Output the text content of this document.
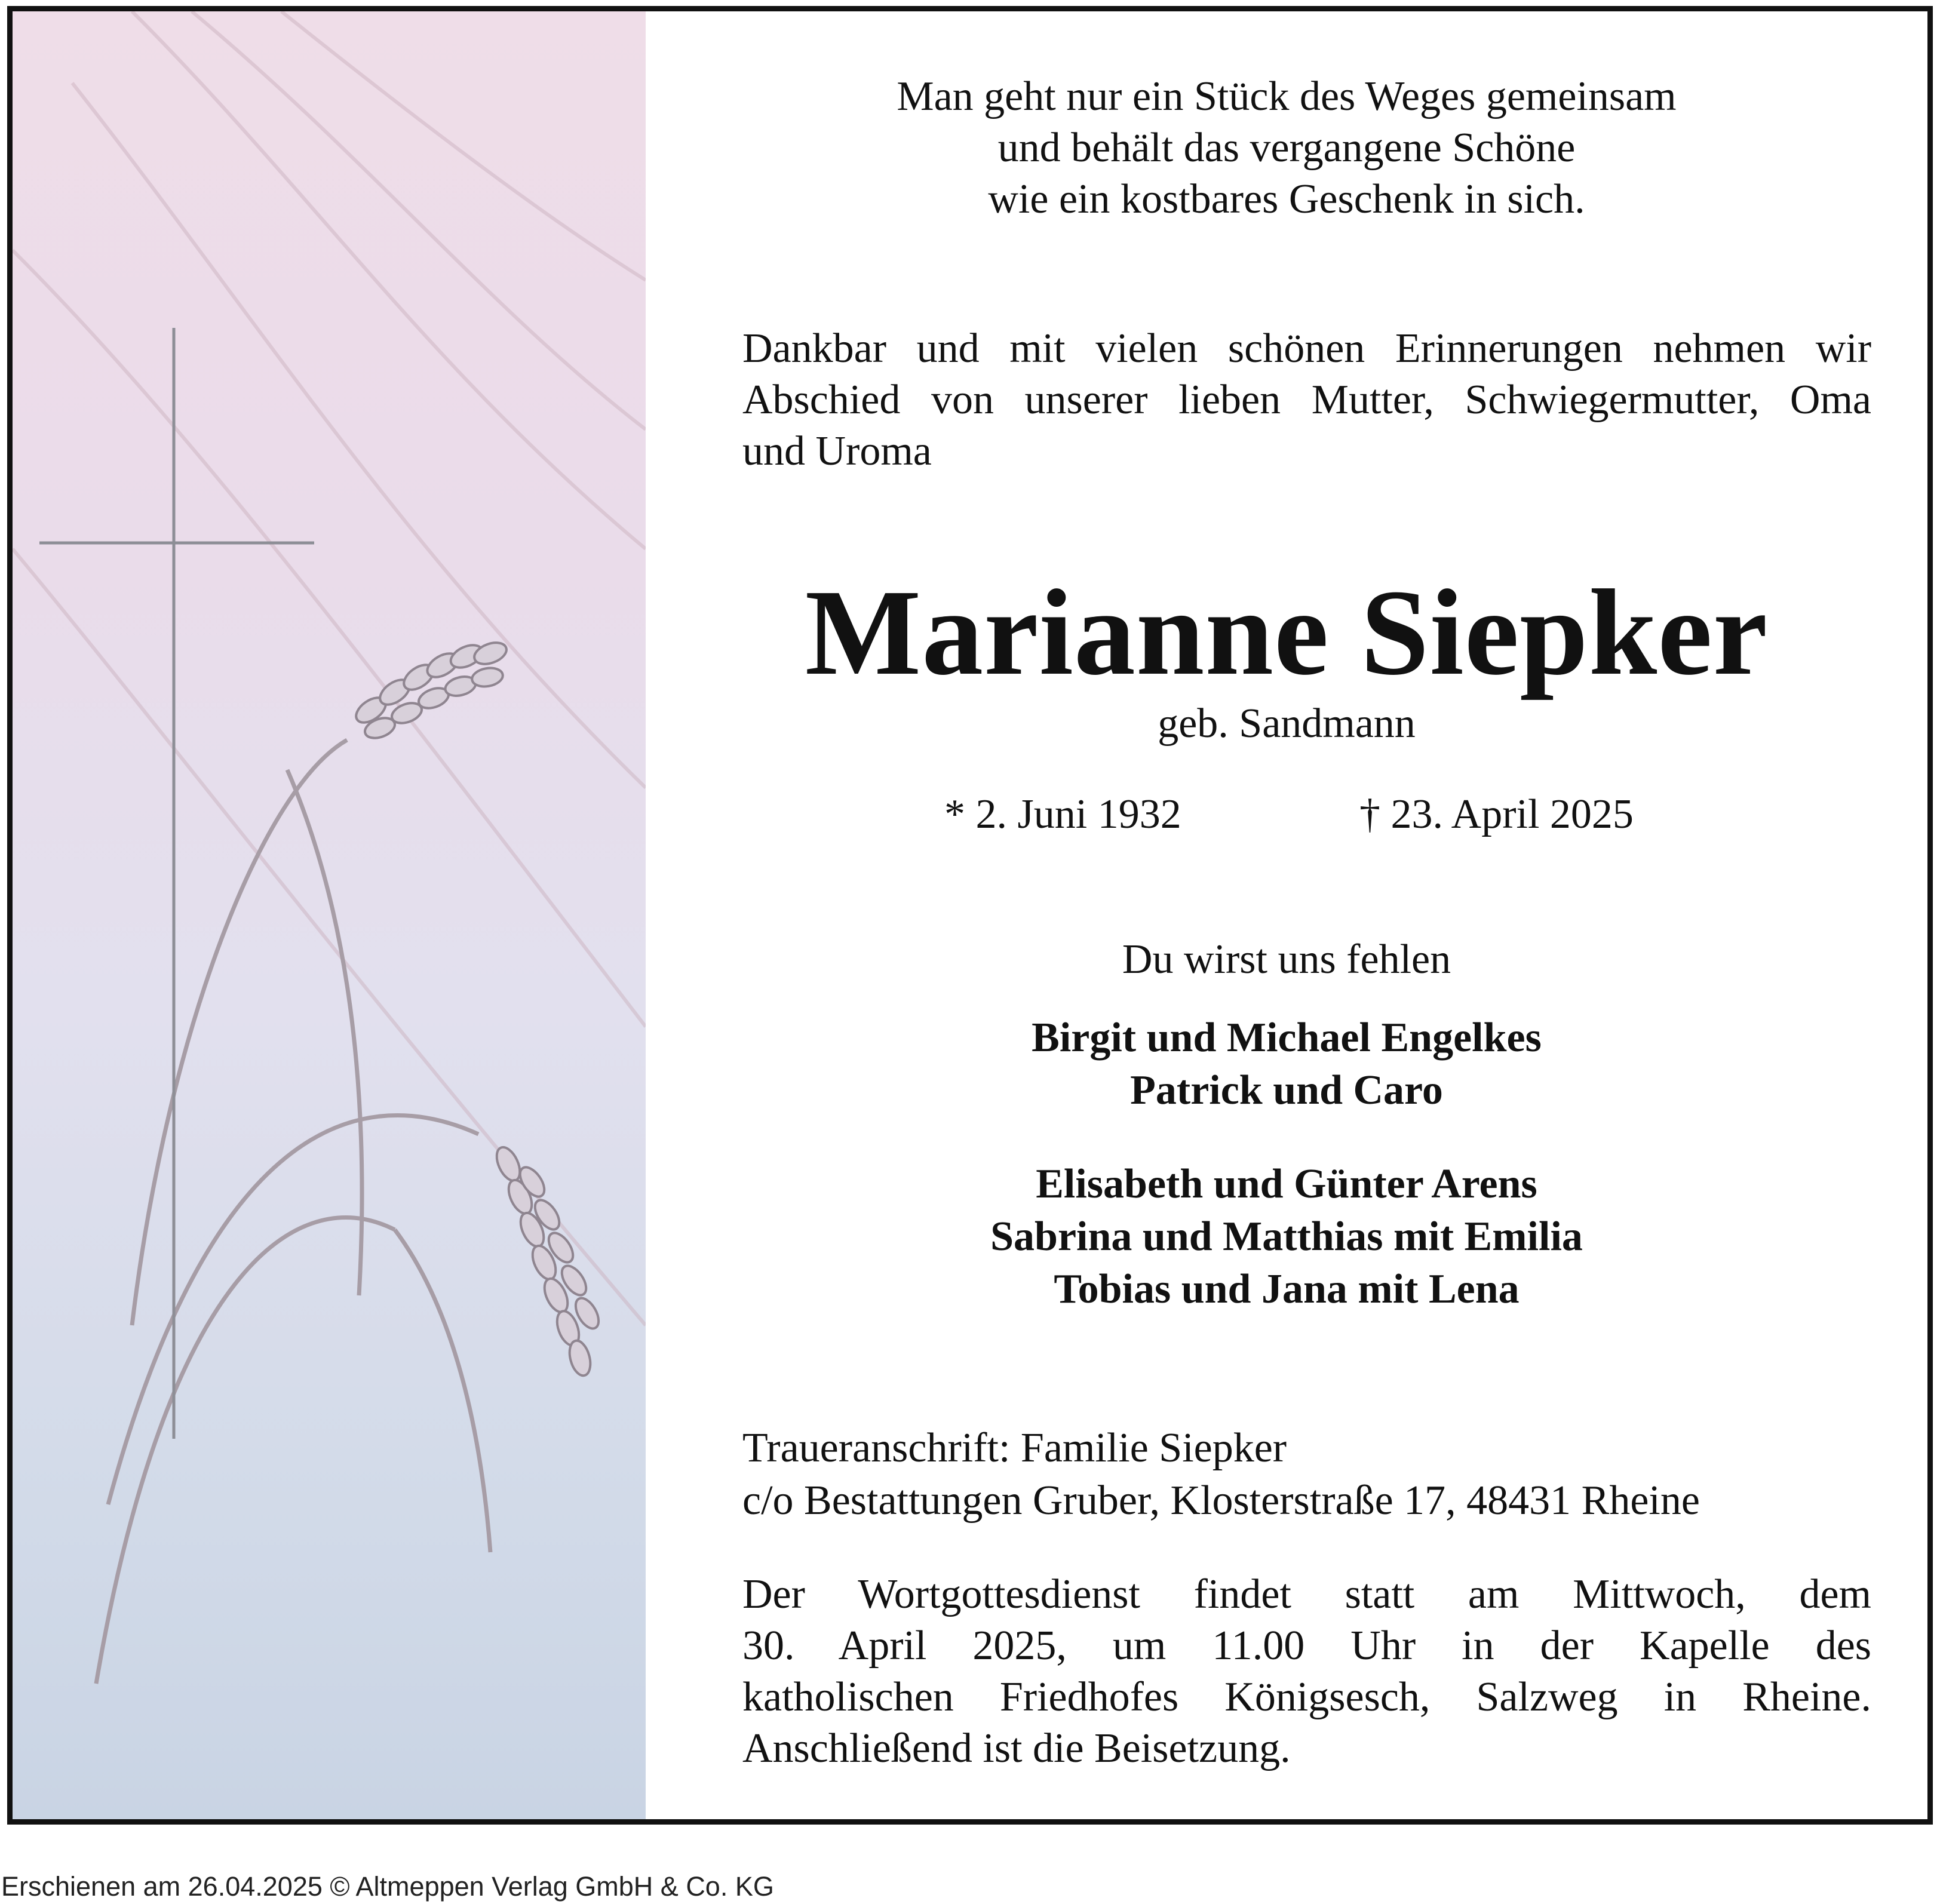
Man geht nur ein Stück des Weges gemeinsam
und behält das vergangene Schöne
wie ein kostbares Geschenk in sich.
Dankbar und mit vielen schönen Erinnerungen nehmen wir
Abschied von unserer lieben Mutter, Schwiegermutter, Oma
und Uroma
Marianne Siepker
geb. Sandmann
* 2. Juni 1932	† 23. April 2025
Du wirst uns fehlen
Birgit und Michael Engelkes
Patrick und Caro
Elisabeth und Günter Arens
Sabrina und Matthias mit Emilia
Tobias und Jana mit Lena
Traueranschrift: Familie Siepker
c/o Bestattungen Gruber, Klosterstraße 17, 48431 Rheine
Der Wortgottesdienst findet statt am Mittwoch, dem
30. April 2025, um 11.00 Uhr in der Kapelle des
katholischen Friedhofes Königsesch, Salzweg in Rheine.
Anschließend ist die Beisetzung.
Erschienen am 26.04.2025 © Altmeppen Verlag GmbH & Co. KG
